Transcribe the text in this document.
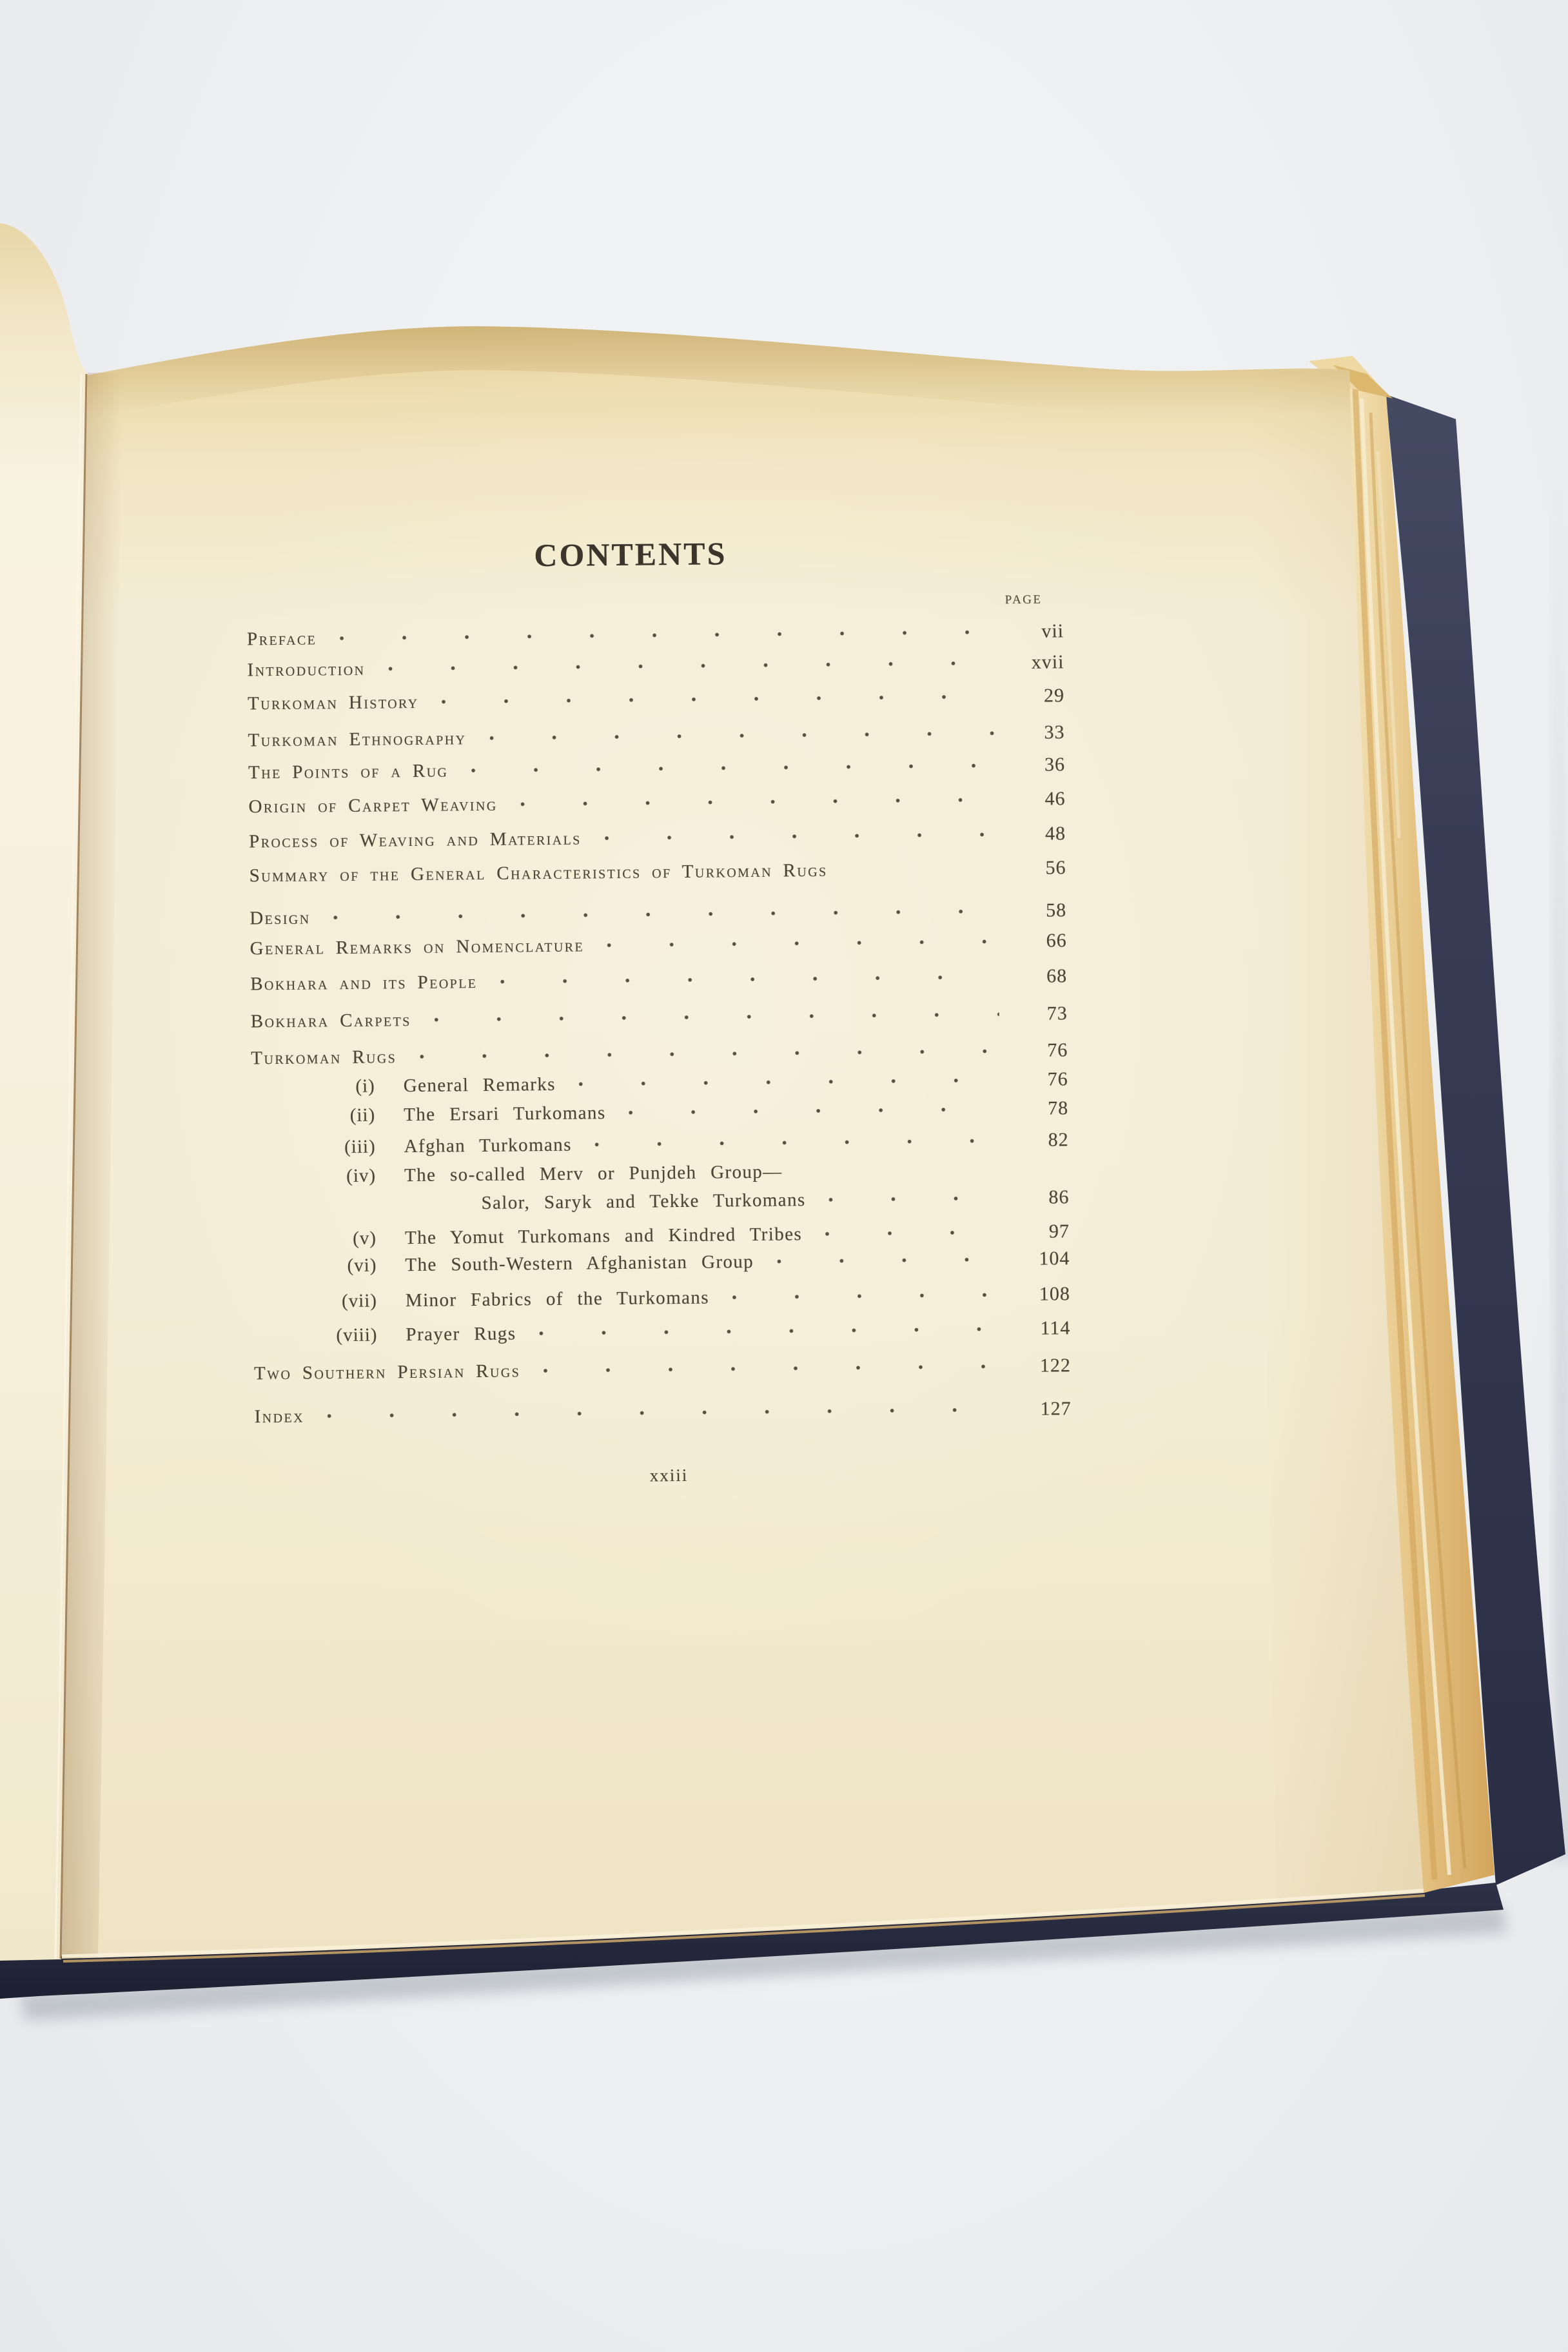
CONTENTS
PAGE
Preface	vii
Introduction	xvii
Turkoman History	29
Turkoman Ethnography	33
The Points of a Rug	36
Origin of Carpet Weaving	46
Process of Weaving and Materials	48
Summary of the General Characteristics of Turkoman Rugs	56
Design	58
General Remarks on Nomenclature	66
Bokhara and its People	68
Bokhara Carpets	73
Turkoman Rugs	76
(i) General Remarks	76
(ii) The Ersari Turkomans	78
(iii) Afghan Turkomans	82
(iv) The so-called Merv or Punjdeh Group—
Salor, Saryk and Tekke Turkomans	86
(v) The Yomut Turkomans and Kindred Tribes	97
(vi) The South-Western Afghanistan Group	104
(vii) Minor Fabrics of the Turkomans	108
(viii) Prayer Rugs	114
Two Southern Persian Rugs	122
Index	127
xxiii
